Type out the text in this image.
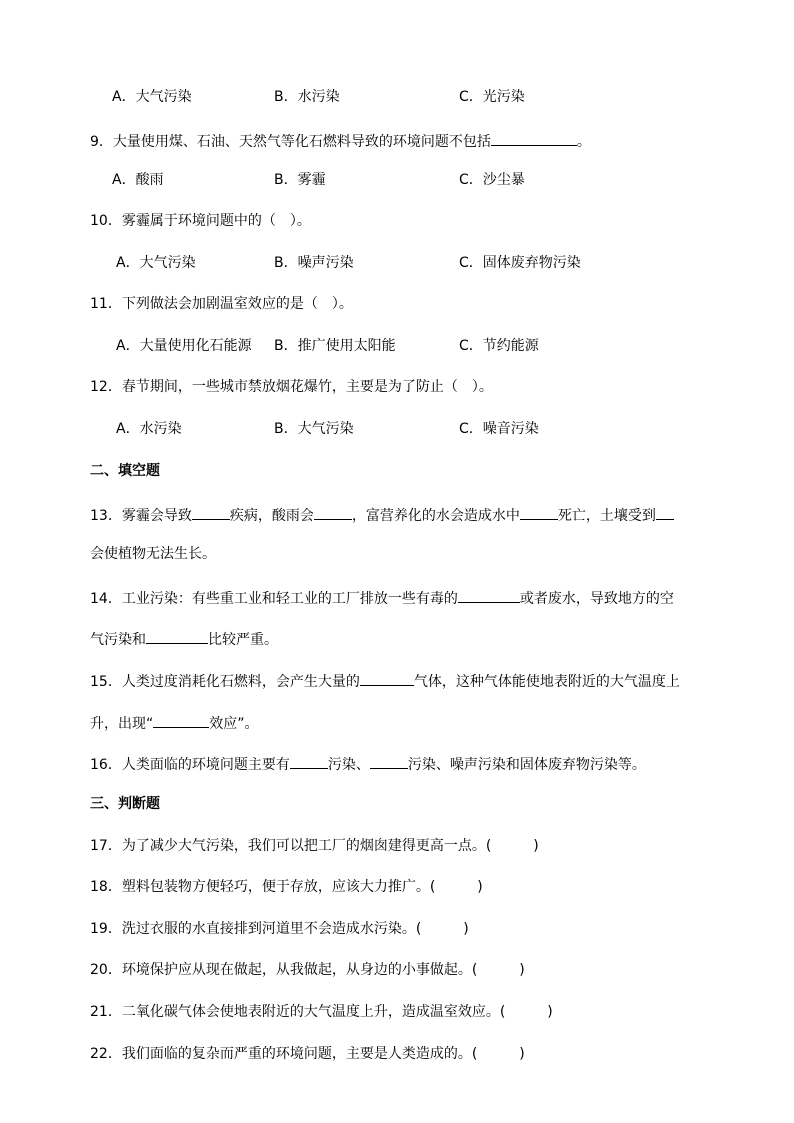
A．大气污染	B．水污染	C．光污染
9．大量使用煤、石油、天然气等化石燃料导致的环境问题不包括	。
A．酸雨	B．雾霾	C．沙尘暴
10．雾霾属于环境问题中的（　）。
A．大气污染	B．噪声污染	C．固体废弃物污染
11．下列做法会加剧温室效应的是（　）。
A．大量使用化石能源 B．推广使用太阳能	C．节约能源
12．春节期间，一些城市禁放烟花爆竹，主要是为了防止（　）。
A．水污染	B．大气污染	C．噪音污染
二、填空题
13．雾霾会导致	疾病，酸雨会	，富营养化的水会造成水中	死亡，土壤受到
会使植物无法生长。
14．工业污染：有些重工业和轻工业的工厂排放一些有毒的	或者废水，导致地方的空
气污染和	比较严重。
15．人类过度消耗化石燃料，会产生大量的	气体，这种气体能使地表附近的大气温度上
升，出现“	效应”。
16．人类面临的环境问题主要有	污染、	污染、噪声污染和固体废弃物污染等。
三、判断题
17．为了减少大气污染，我们可以把工厂的烟囱建得更高一点。(　　　)
18．塑料包装物方便轻巧，便于存放，应该大力推广。(　　　)
19．洗过衣服的水直接排到河道里不会造成水污染。(　　　)
20．环境保护应从现在做起，从我做起，从身边的小事做起。(　　　)
21．二氧化碳气体会使地表附近的大气温度上升，造成温室效应。(　　　)
22．我们面临的复杂而严重的环境问题，主要是人类造成的。(　　　)
